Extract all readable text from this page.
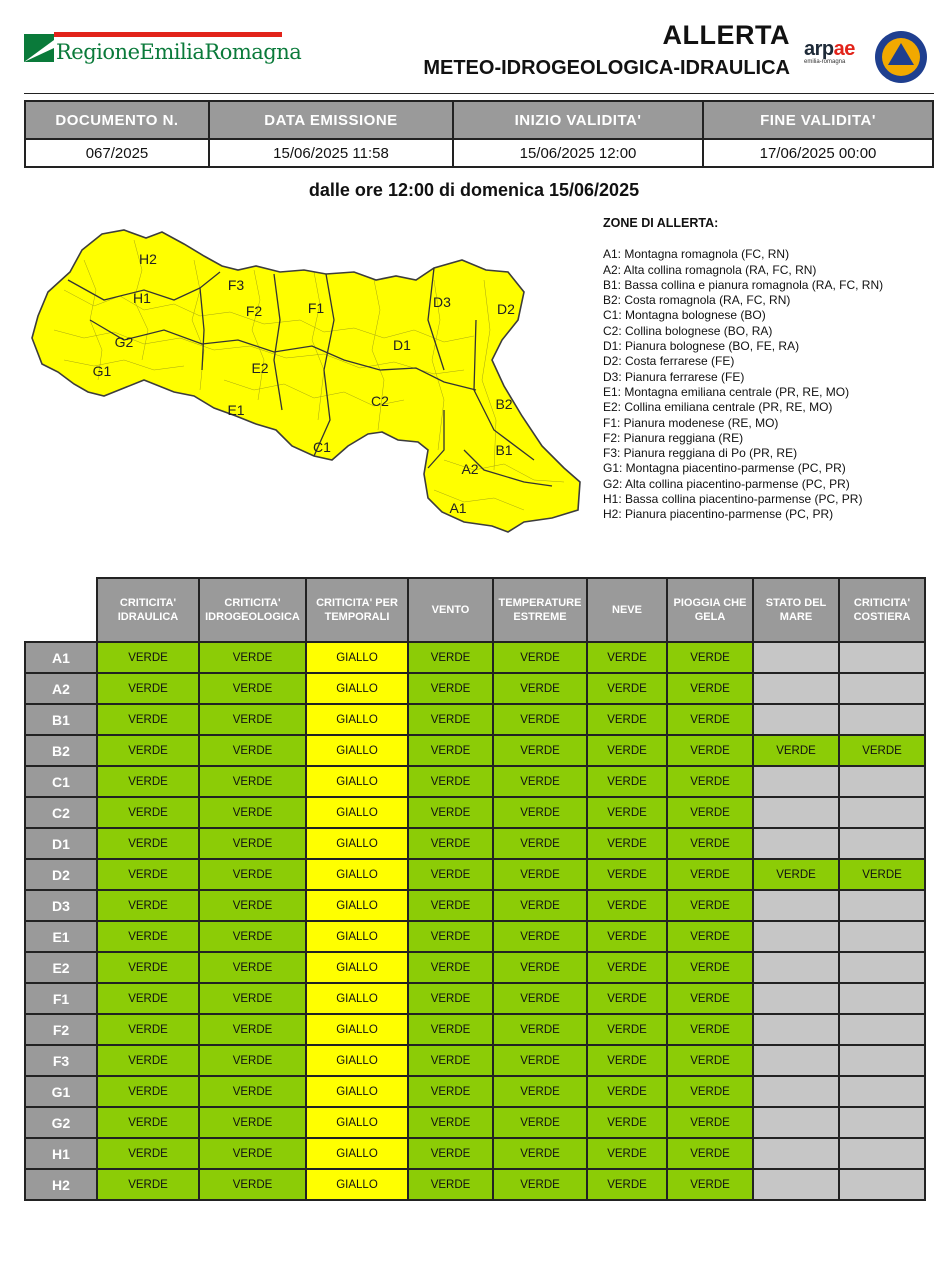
RegioneEmiliaRomagna
ALLERTA
METEO-IDROGEOLOGICA-IDRAULICA
arpae
emilia-romagna
DOCUMENTO N.	DATA EMISSIONE	INIZIO VALIDITA'	FINE VALIDITA'
067/2025	15/06/2025 11:58	15/06/2025 12:00	17/06/2025 00:00
dalle ore 12:00 di domenica 15/06/2025
H2
H1
G2
G1
F3
F2	F1
E2
E1
C1
C2
D1
D3	D2
B2
B1
A2
A1
ZONE DI ALLERTA:
A1: Montagna romagnola (FC, RN)
A2: Alta collina romagnola (RA, FC, RN)
B1: Bassa collina e pianura romagnola (RA, FC, RN)
B2: Costa romagnola (RA, FC, RN)
C1: Montagna bolognese (BO)
C2: Collina bolognese (BO, RA)
D1: Pianura bolognese (BO, FE, RA)
D2: Costa ferrarese (FE)
D3: Pianura ferrarese (FE)
E1: Montagna emiliana centrale (PR, RE, MO)
E2: Collina emiliana centrale (PR, RE, MO)
F1: Pianura modenese (RE, MO)
F2: Pianura reggiana (RE)
F3: Pianura reggiana di Po (PR, RE)
G1: Montagna piacentino-parmense (PC, PR)
G2: Alta collina piacentino-parmense (PC, PR)
H1: Bassa collina piacentino-parmense (PC, PR)
H2: Pianura piacentino-parmense (PC, PR)
	CRITICITA' IDRAULICA	CRITICITA' IDROGEOLOGICA	CRITICITA' PER TEMPORALI	VENTO	TEMPERATURE ESTREME	NEVE	PIOGGIA CHE GELA	STATO DEL MARE	CRITICITA' COSTIERA
A1	VERDE	VERDE	GIALLO	VERDE	VERDE	VERDE	VERDE		
A2	VERDE	VERDE	GIALLO	VERDE	VERDE	VERDE	VERDE		
B1	VERDE	VERDE	GIALLO	VERDE	VERDE	VERDE	VERDE		
B2	VERDE	VERDE	GIALLO	VERDE	VERDE	VERDE	VERDE	VERDE	VERDE
C1	VERDE	VERDE	GIALLO	VERDE	VERDE	VERDE	VERDE		
C2	VERDE	VERDE	GIALLO	VERDE	VERDE	VERDE	VERDE		
D1	VERDE	VERDE	GIALLO	VERDE	VERDE	VERDE	VERDE		
D2	VERDE	VERDE	GIALLO	VERDE	VERDE	VERDE	VERDE	VERDE	VERDE
D3	VERDE	VERDE	GIALLO	VERDE	VERDE	VERDE	VERDE		
E1	VERDE	VERDE	GIALLO	VERDE	VERDE	VERDE	VERDE		
E2	VERDE	VERDE	GIALLO	VERDE	VERDE	VERDE	VERDE		
F1	VERDE	VERDE	GIALLO	VERDE	VERDE	VERDE	VERDE		
F2	VERDE	VERDE	GIALLO	VERDE	VERDE	VERDE	VERDE		
F3	VERDE	VERDE	GIALLO	VERDE	VERDE	VERDE	VERDE		
G1	VERDE	VERDE	GIALLO	VERDE	VERDE	VERDE	VERDE		
G2	VERDE	VERDE	GIALLO	VERDE	VERDE	VERDE	VERDE		
H1	VERDE	VERDE	GIALLO	VERDE	VERDE	VERDE	VERDE		
H2	VERDE	VERDE	GIALLO	VERDE	VERDE	VERDE	VERDE		
